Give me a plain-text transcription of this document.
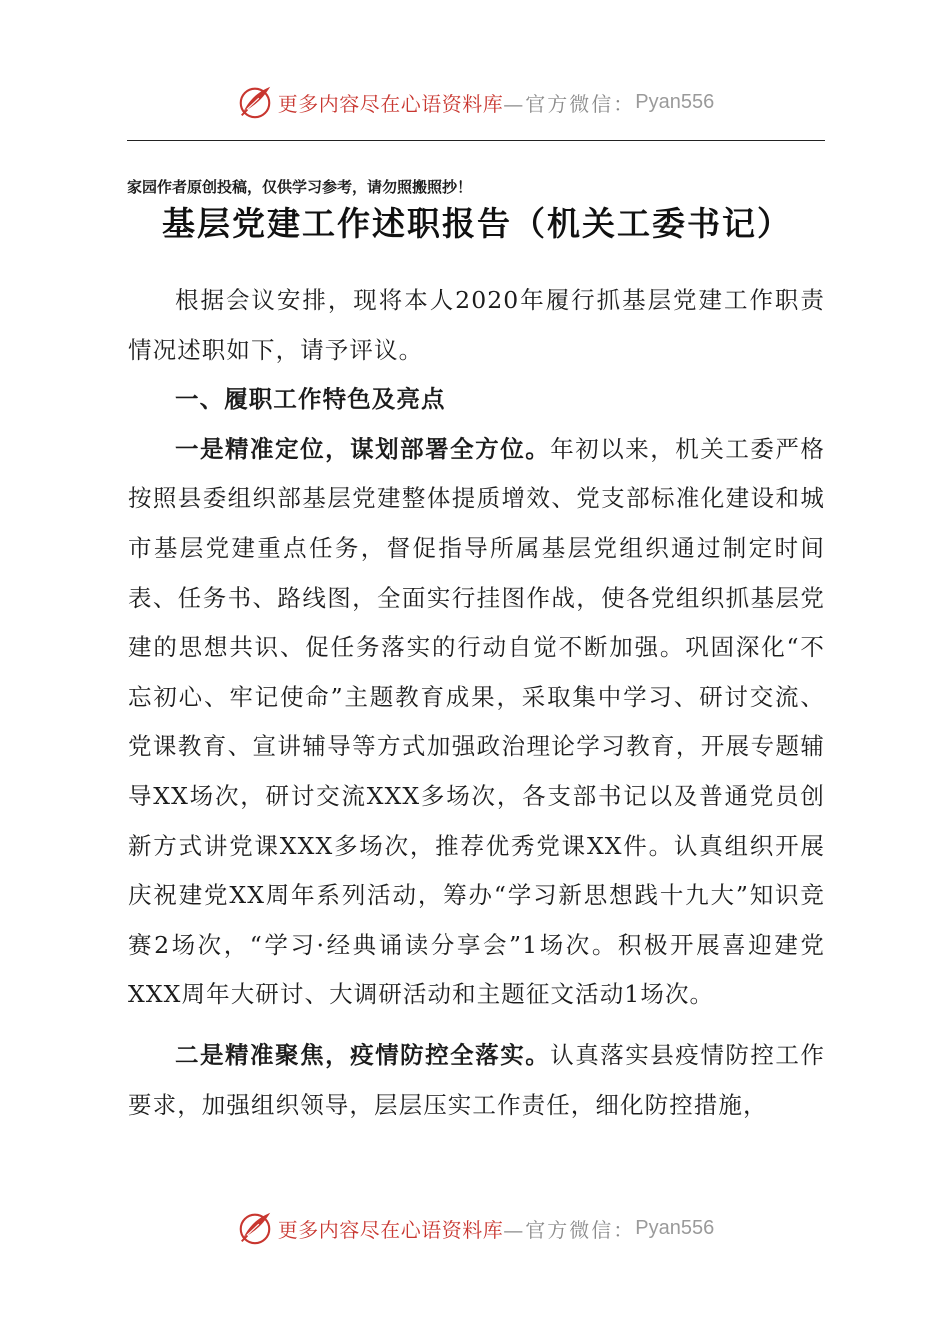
更多内容尽在心语资料库 —官方微信： Pyan556
家园作者原创投稿，仅供学习参考，请勿照搬照抄！
基层党建工作述职报告（机关工委书记）

根据会议安排，现将本人2020年履行抓基层党建工作职责情况述职如下，请予评议。

一、履职工作特色及亮点

一是精准定位，谋划部署全方位。年初以来，机关工委严格按照县委组织部基层党建整体提质增效、党支部标准化建设和城市基层党建重点任务，督促指导所属基层党组织通过制定时间表、任务书、路线图，全面实行挂图作战，使各党组织抓基层党建的思想共识、促任务落实的行动自觉不断加强。巩固深化“不忘初心、牢记使命”主题教育成果，采取集中学习、研讨交流、党课教育、宣讲辅导等方式加强政治理论学习教育，开展专题辅导XX场次，研讨交流XXX多场次，各支部书记以及普通党员创新方式讲党课XXX多场次，推荐优秀党课XX件。认真组织开展庆祝建党XX周年系列活动，筹办“学习新思想践十九大”知识竞赛2场次，“学习·经典诵读分享会”1场次。积极开展喜迎建党XXX周年大研讨、大调研活动和主题征文活动1场次。

二是精准聚焦，疫情防控全落实。认真落实县疫情防控工作要求，加强组织领导，层层压实工作责任，细化防控措施，

更多内容尽在心语资料库 —官方微信： Pyan556
